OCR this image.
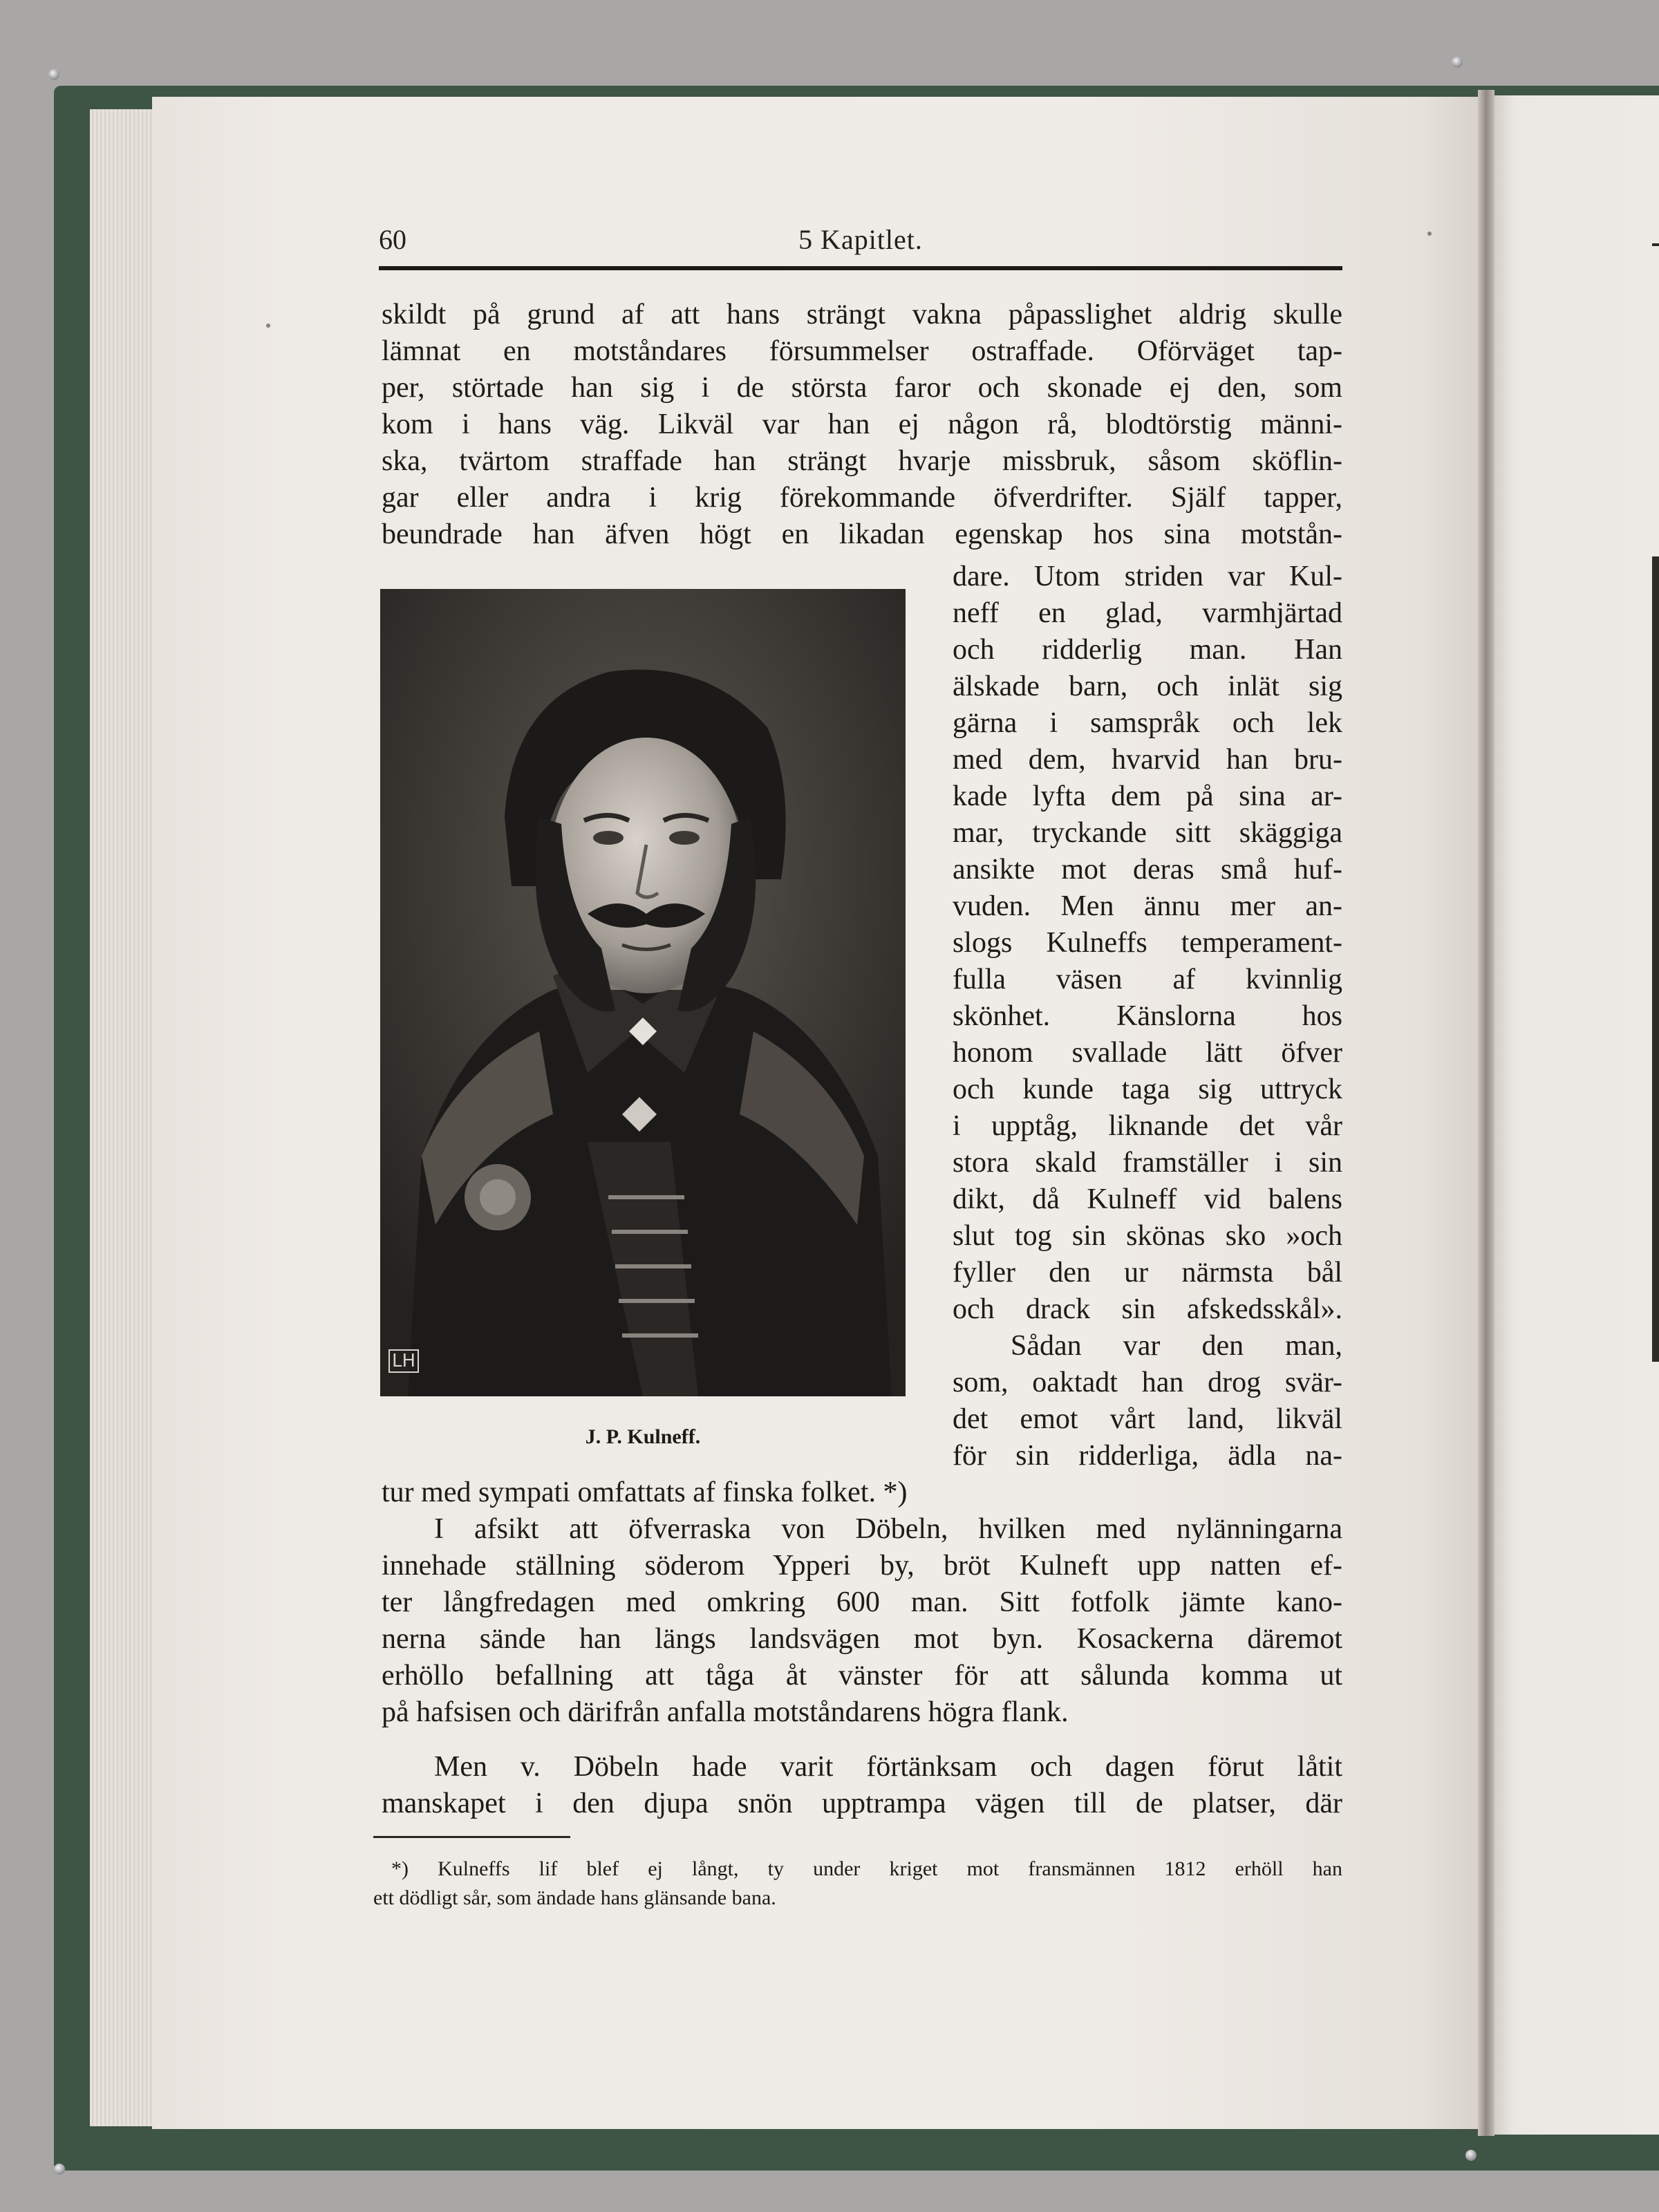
60	5 Kapitlet.
skildt på grund af att hans strängt vakna påpasslighet aldrig skulle
lämnat en motståndares försummelser ostraffade. Oförväget tap-
per, störtade han sig i de största faror och skonade ej den, som
kom i hans väg. Likväl var han ej någon rå, blodtörstig männi-
ska, tvärtom straffade han strängt hvarje missbruk, såsom sköflin-
gar eller andra i krig förekommande öfverdrifter. Själf tapper,
beundrade han äfven högt en likadan egenskap hos sina motstån-
dare. Utom striden var Kul-
neff en glad, varmhjärtad
och ridderlig man. Han
älskade barn, och inlät sig
gärna i samspråk och lek
med dem, hvarvid han bru-
kade lyfta dem på sina ar-
mar, tryckande sitt skäggiga
ansikte mot deras små huf-
vuden. Men ännu mer an-
slogs Kulneffs temperament-
fulla väsen af kvinnlig
skönhet. Känslorna hos
honom svallade lätt öfver
och kunde taga sig uttryck
i upptåg, liknande det vår
stora skald framställer i sin
dikt, då Kulneff vid balens
slut tog sin skönas sko »och
fyller den ur närmsta bål
och drack sin afskedsskål».
Sådan var den man,
som, oaktadt han drog svär-
det emot vårt land, likväl
för sin ridderliga, ädla na-
tur med sympati omfattats af finska folket. *)
I afsikt att öfverraska von Döbeln, hvilken med nylänningarna
innehade ställning söderom Ypperi by, bröt Kulneft upp natten ef-
ter långfredagen med omkring 600 man. Sitt fotfolk jämte kano-
nerna sände han längs landsvägen mot byn. Kosackerna däremot
erhöllo befallning att tåga åt vänster för att sålunda komma ut
på hafsisen och därifrån anfalla motståndarens högra flank.
Men v. Döbeln hade varit förtänksam och dagen förut låtit
manskapet i den djupa snön upptrampa vägen till de platser, där
LH
J. P. Kulneff.
*) Kulneffs lif blef ej långt, ty under kriget mot fransmännen 1812 erhöll han
ett dödligt sår, som ändade hans glänsande bana.
